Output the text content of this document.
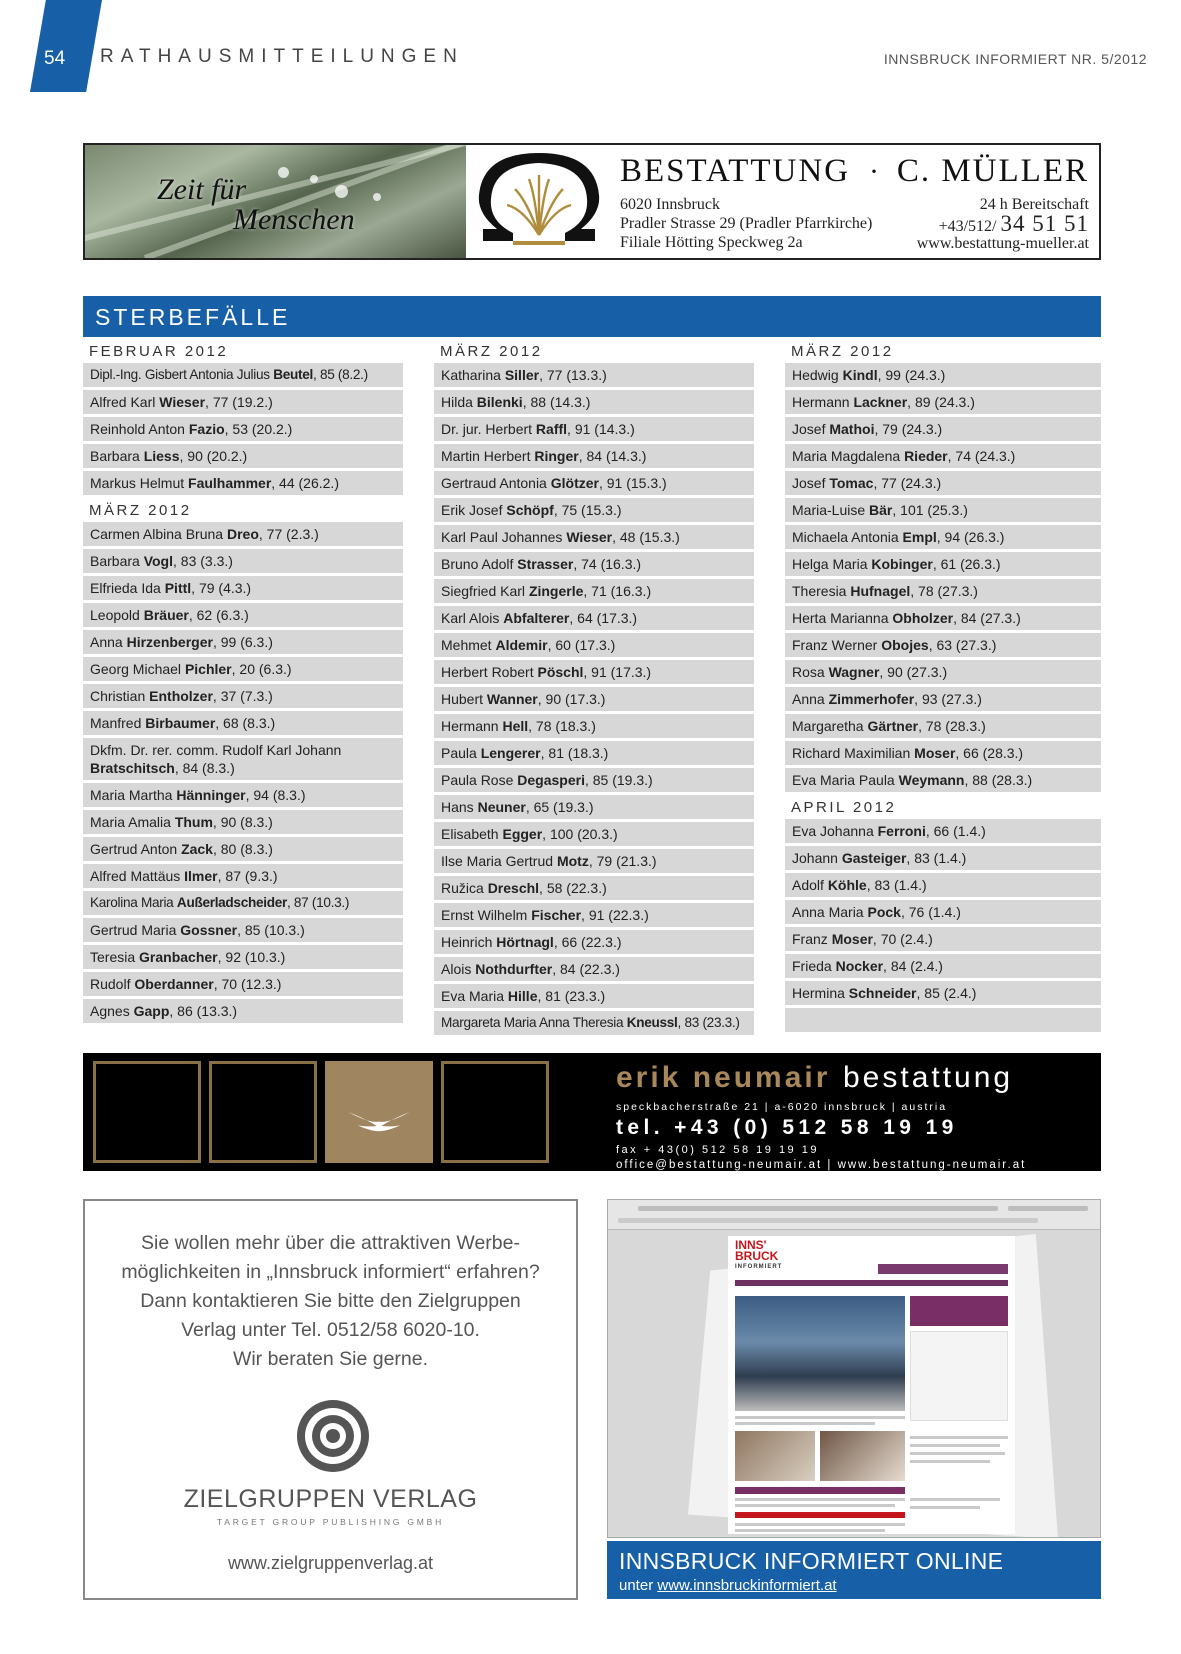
54 RATHAUSMITTEILUNGEN	INNSBRUCK INFORMIERT NR. 5/2012
Zeit für
Menschen
BESTATTUNG · C. MÜLLER
6020 Innsbruck
Pradler Strasse 29 (Pradler Pfarrkirche)
Filiale Hötting Speckweg 2a
24 h Bereitschaft
+43/512/ 34 51 51
www.bestattung-mueller.at
STERBEFÄLLE
FEBRUAR 2012
Dipl.-Ing. Gisbert Antonia Julius Beutel, 85 (8.2.)
Alfred Karl Wieser, 77 (19.2.)
Reinhold Anton Fazio, 53 (20.2.)
Barbara Liess, 90 (20.2.)
Markus Helmut Faulhammer, 44 (26.2.)
MÄRZ 2012
Carmen Albina Bruna Dreo, 77 (2.3.)
Barbara Vogl, 83 (3.3.)
Elfrieda Ida Pittl, 79 (4.3.)
Leopold Bräuer, 62 (6.3.)
Anna Hirzenberger, 99 (6.3.)
Georg Michael Pichler, 20 (6.3.)
Christian Entholzer, 37 (7.3.)
Manfred Birbaumer, 68 (8.3.)
Dkfm. Dr. rer. comm. Rudolf Karl Johann Bratschitsch, 84 (8.3.)
Maria Martha Hänninger, 94 (8.3.)
Maria Amalia Thum, 90 (8.3.)
Gertrud Anton Zack, 80 (8.3.)
Alfred Mattäus Ilmer, 87 (9.3.)
Karolina Maria Außerladscheider, 87 (10.3.)
Gertrud Maria Gossner, 85 (10.3.)
Teresia Granbacher, 92 (10.3.)
Rudolf Oberdanner, 70 (12.3.)
Agnes Gapp, 86 (13.3.)
MÄRZ 2012
Katharina Siller, 77 (13.3.)
Hilda Bilenki, 88 (14.3.)
Dr. jur. Herbert Raffl, 91 (14.3.)
Martin Herbert Ringer, 84 (14.3.)
Gertraud Antonia Glötzer, 91 (15.3.)
Erik Josef Schöpf, 75 (15.3.)
Karl Paul Johannes Wieser, 48 (15.3.)
Bruno Adolf Strasser, 74 (16.3.)
Siegfried Karl Zingerle, 71 (16.3.)
Karl Alois Abfalterer, 64 (17.3.)
Mehmet Aldemir, 60 (17.3.)
Herbert Robert Pöschl, 91 (17.3.)
Hubert Wanner, 90 (17.3.)
Hermann Hell, 78 (18.3.)
Paula Lengerer, 81 (18.3.)
Paula Rose Degasperi, 85 (19.3.)
Hans Neuner, 65 (19.3.)
Elisabeth Egger, 100 (20.3.)
Ilse Maria Gertrud Motz, 79 (21.3.)
Ružica Dreschl, 58 (22.3.)
Ernst Wilhelm Fischer, 91 (22.3.)
Heinrich Hörtnagl, 66 (22.3.)
Alois Nothdurfter, 84 (22.3.)
Eva Maria Hille, 81 (23.3.)
Margareta Maria Anna Theresia Kneussl, 83 (23.3.)
MÄRZ 2012
Hedwig Kindl, 99 (24.3.)
Hermann Lackner, 89 (24.3.)
Josef Mathoi, 79 (24.3.)
Maria Magdalena Rieder, 74 (24.3.)
Josef Tomac, 77 (24.3.)
Maria-Luise Bär, 101 (25.3.)
Michaela Antonia Empl, 94 (26.3.)
Helga Maria Kobinger, 61 (26.3.)
Theresia Hufnagel, 78 (27.3.)
Herta Marianna Obholzer, 84 (27.3.)
Franz Werner Obojes, 63 (27.3.)
Rosa Wagner, 90 (27.3.)
Anna Zimmerhofer, 93 (27.3.)
Margaretha Gärtner, 78 (28.3.)
Richard Maximilian Moser, 66 (28.3.)
Eva Maria Paula Weymann, 88 (28.3.)
APRIL 2012
Eva Johanna Ferroni, 66 (1.4.)
Johann Gasteiger, 83 (1.4.)
Adolf Köhle, 83 (1.4.)
Anna Maria Pock, 76 (1.4.)
Franz Moser, 70 (2.4.)
Frieda Nocker, 84 (2.4.)
Hermina Schneider, 85 (2.4.)
erik neumair bestattung
speckbacherstraße 21 | a-6020 innsbruck | austria
tel. +43 (0) 512 58 19 19
fax + 43(0) 512 58 19 19 19
office@bestattung-neumair.at | www.bestattung-neumair.at
Sie wollen mehr über die attraktiven Werbe-
möglichkeiten in „Innsbruck informiert“ erfahren?
Dann kontaktieren Sie bitte den Zielgruppen
Verlag unter Tel. 0512/58 6020-10.
Wir beraten Sie gerne.
ZIELGRUPPEN VERLAG
TARGET GROUP PUBLISHING GMBH
www.zielgruppenverlag.at
INNS'
BRUCK
INFORMIERT
INNSBRUCK INFORMIERT ONLINE
unter www.innsbruckinformiert.at
